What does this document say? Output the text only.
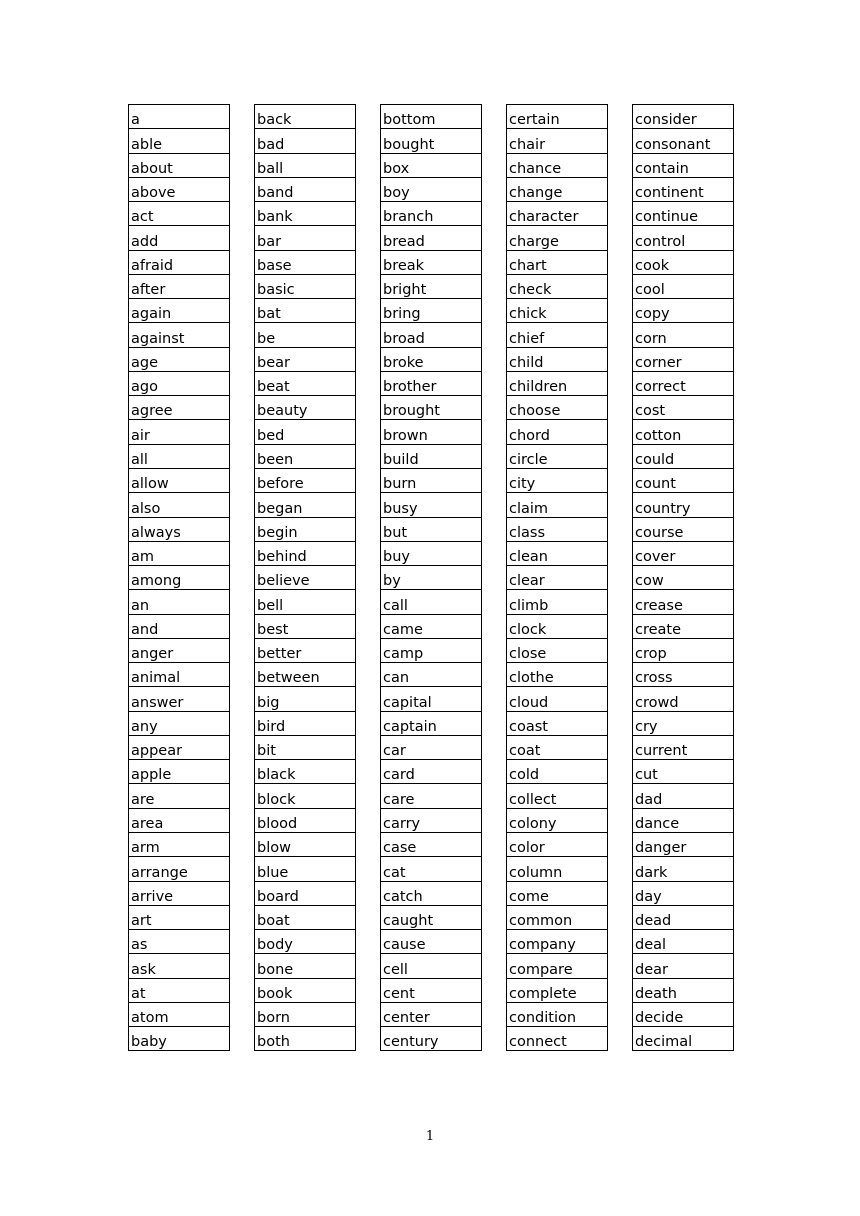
a
able
about
above
act
add
afraid
after
again
against
age
ago
agree
air
all
allow
also
always
am
among
an
and
anger
animal
answer
any
appear
apple
are
area
arm
arrange
arrive
art
as
ask
at
atom
baby
back
bad
ball
band
bank
bar
base
basic
bat
be
bear
beat
beauty
bed
been
before
began
begin
behind
believe
bell
best
better
between
big
bird
bit
black
block
blood
blow
blue
board
boat
body
bone
book
born
both
bottom
bought
box
boy
branch
bread
break
bright
bring
broad
broke
brother
brought
brown
build
burn
busy
but
buy
by
call
came
camp
can
capital
captain
car
card
care
carry
case
cat
catch
caught
cause
cell
cent
center
century
certain
chair
chance
change
character
charge
chart
check
chick
chief
child
children
choose
chord
circle
city
claim
class
clean
clear
climb
clock
close
clothe
cloud
coast
coat
cold
collect
colony
color
column
come
common
company
compare
complete
condition
connect
consider
consonant
contain
continent
continue
control
cook
cool
copy
corn
corner
correct
cost
cotton
could
count
country
course
cover
cow
crease
create
crop
cross
crowd
cry
current
cut
dad
dance
danger
dark
day
dead
deal
dear
death
decide
decimal
1
